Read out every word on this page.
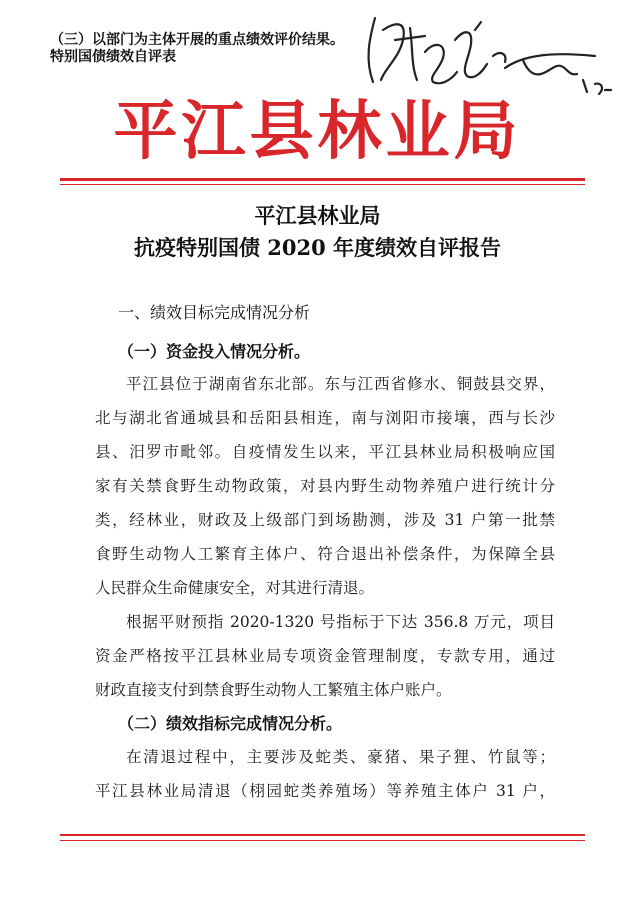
（三）以部门为主体开展的重点绩效评价结果。特别国债绩效自评表
平江县林业局
平江县林业局
抗疫特别国债 2020 年度绩效自评报告
一、绩效目标完成情况分析
（一）资金投入情况分析。
平江县位于湖南省东北部。东与江西省修水、铜鼓县交界，
北与湖北省通城县和岳阳县相连，南与浏阳市接壤，西与长沙
县、汨罗市毗邻。自疫情发生以来，平江县林业局积极响应国
家有关禁食野生动物政策，对县内野生动物养殖户进行统计分
类，经林业，财政及上级部门到场勘测，涉及 31 户第一批禁
食野生动物人工繁育主体户、符合退出补偿条件，为保障全县
人民群众生命健康安全，对其进行清退。
根据平财预指 2020-1320 号指标于下达 356.8 万元，项目
资金严格按平江县林业局专项资金管理制度，专款专用，通过
财政直接支付到禁食野生动物人工繁殖主体户账户。
（二）绩效指标完成情况分析。
在清退过程中，主要涉及蛇类、豪猪、果子狸、竹鼠等；
平江县林业局清退（栩园蛇类养殖场）等养殖主体户 31 户，
